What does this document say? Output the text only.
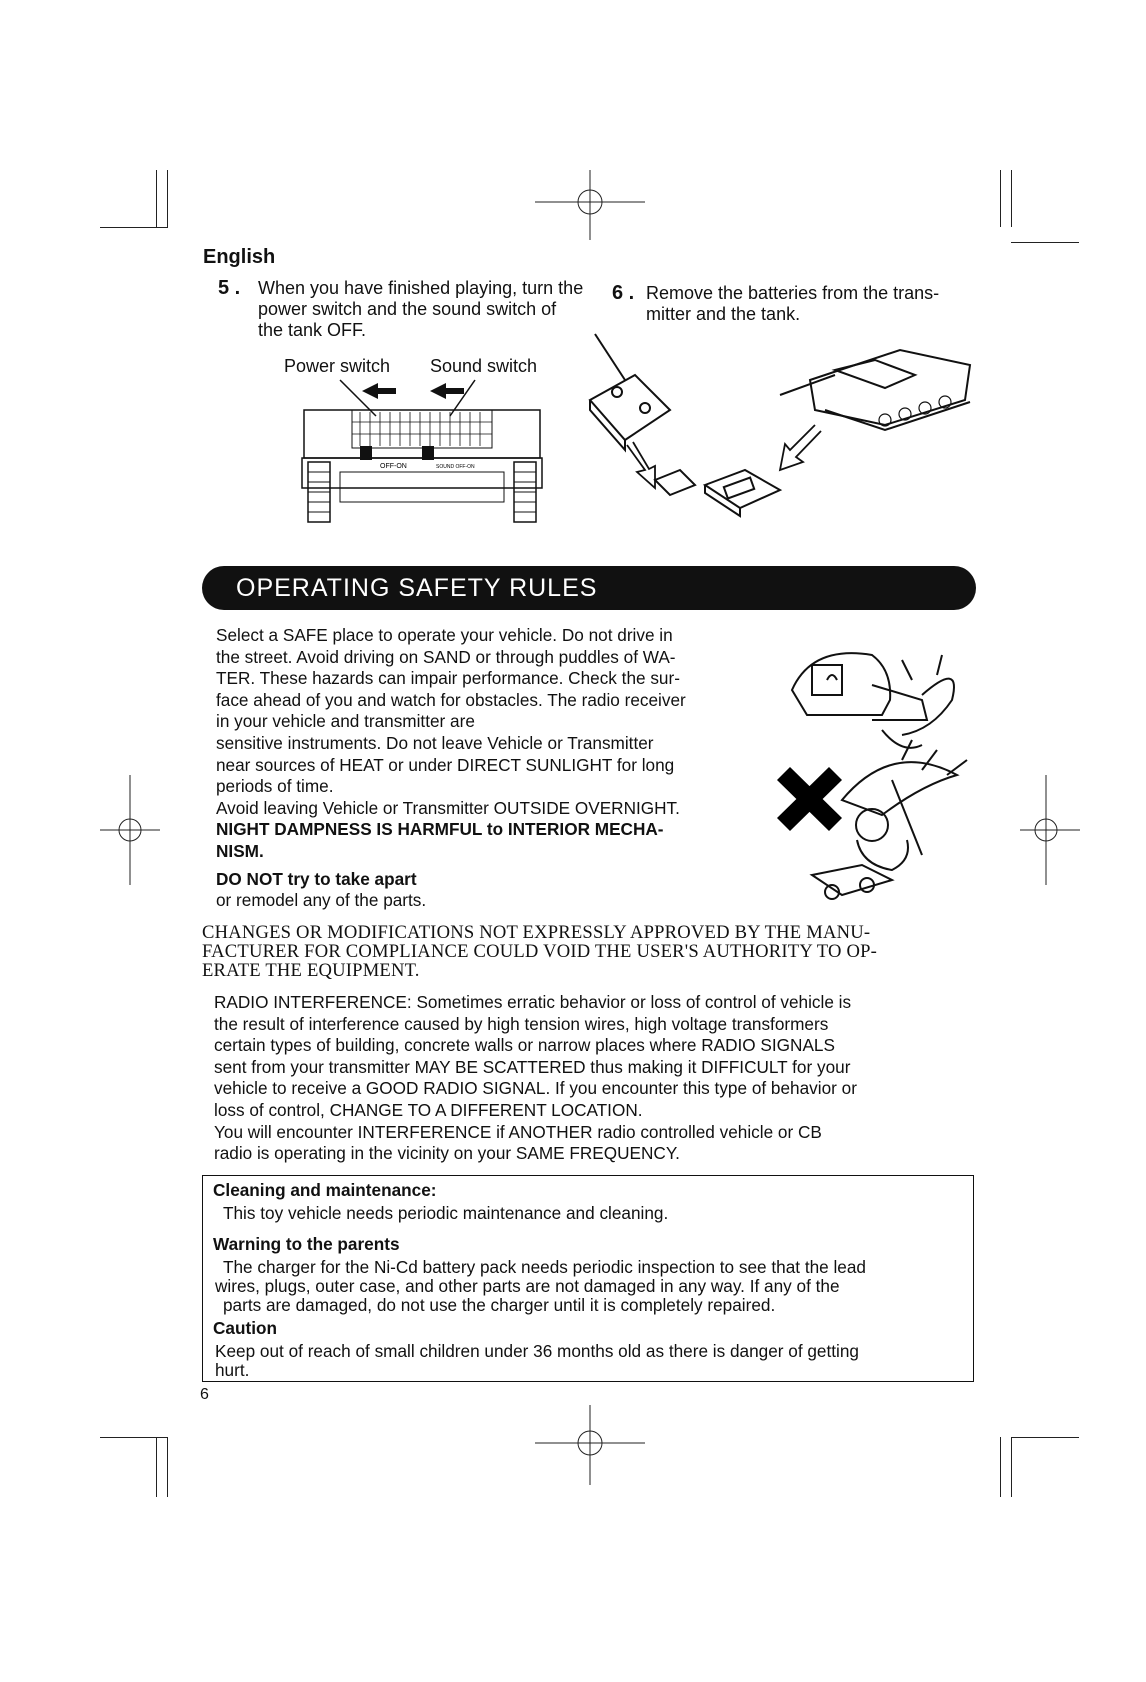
English
5 . When you have finished playing, turn the
power switch and the sound switch of
the tank OFF.
Power switch Sound switch
OFF-ON	SOUND OFF-ON
6 . Remove the batteries from the trans-
mitter and the tank.
OPERATING SAFETY RULES

Select a SAFE place to operate your vehicle. Do not drive in

the street. Avoid driving on SAND or through puddles of WA-

TER. These hazards can impair performance. Check the sur-

face ahead of you and watch for obstacles. The radio receiver

in your vehicle and transmitter are

sensitive instruments. Do not leave Vehicle or Transmitter

near sources of HEAT or under DIRECT SUNLIGHT for long

periods of time.

Avoid leaving Vehicle or Transmitter OUTSIDE OVERNIGHT.

NIGHT DAMPNESS IS HARMFUL to INTERIOR MECHA-

NISM.

DO NOT try to take apart

or remodel any of the parts.

CHANGES OR MODIFICATIONS NOT EXPRESSLY APPROVED BY THE MANU-
FACTURER FOR COMPLIANCE COULD VOID THE USER'S AUTHORITY TO OP-
ERATE THE EQUIPMENT.
RADIO INTERFERENCE: Sometimes erratic behavior or loss of control of vehicle is
the result of interference caused by high tension wires, high voltage transformers
certain types of building, concrete walls or narrow places where RADIO SIGNALS
sent from your transmitter MAY BE SCATTERED thus making it DIFFICULT for your
vehicle to receive a GOOD RADIO SIGNAL. If you encounter this type of behavior or
loss of control, CHANGE TO A DIFFERENT LOCATION.
You will encounter INTERFERENCE if ANOTHER radio controlled vehicle or CB
radio is operating in the vicinity on your SAME FREQUENCY.
Cleaning and maintenance:
This toy vehicle needs periodic maintenance and cleaning.
Warning to the parents
The charger for the Ni-Cd battery pack needs periodic inspection to see that the lead
wires, plugs, outer case, and other parts are not damaged in any way. If any of the
parts are damaged, do not use the charger until it is completely repaired.
Caution
Keep out of reach of small children under 36 months old as there is danger of getting
hurt.
6
